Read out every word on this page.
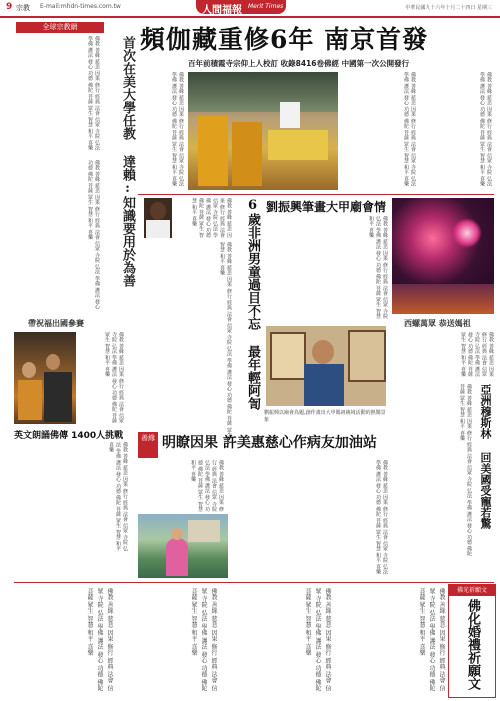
9 宗教 E-mail:mhdn-times.com.tw	人間福報 Merit Times	中華民國九十六年十月二十四日 星期三
全球宗教網
首次在美大學任教 達賴:知識要用於為善
佛教 善緣 慈悲 因果 修行 經典 法會 信眾 寺院 弘法 學佛 護法 發心 功德 佛陀 菩薩 眾生 智慧 和平 喜樂
佛教 善緣 慈悲 因果 修行 經典 法會 信眾 寺院 弘法 學佛 護法 發心 功德 佛陀 菩薩 眾生 智慧 和平 喜樂
帶祝福出國參賽
佛教 善緣 慈悲 因果 修行 經典 法會 信眾 寺院 弘法 學佛 護法 發心 功德 佛陀 菩薩 眾生 智慧 和平 喜樂
英文朗誦佛傳 1400人挑戰
佛教 善緣 慈悲 因果 修行 經典 法會 信眾 寺院 弘法 學佛 護法 發心 功德 佛陀 菩薩 眾生 智慧 和平 喜樂
頻伽藏重修6年 南京首發
百年前積霞寺宗仰上人校訂 收錄8416卷佛經 中國第一次公開發行
佛教 善緣 慈悲 因果 修行 經典 法會 信眾 寺院 弘法 學佛 護法 發心 功德 佛陀 菩薩 眾生 智慧 和平 喜樂	佛教 善緣 慈悲 因果 修行 經典 法會 信眾 寺院 弘法 學佛 護法 發心 功德 佛陀 菩薩 眾生 智慧 和平 喜樂	佛教 善緣 慈悲 因果 修行 經典 法會 信眾 寺院 弘法 學佛 護法 發心 功德 佛陀 菩薩 眾生 智慧 和平 喜樂
6歲非洲男童過目不忘 最年輕阿訇
佛教 善緣 慈悲 因果 修行 經典 法會 信眾 寺院 弘法 學佛 護法 發心 功德 佛陀 菩薩 眾生 智慧 和平 喜樂
佛教 善緣 慈悲 因果 修行 經典 法會 信眾 寺院 弘法 學佛 護法 發心 功德 佛陀 菩薩 眾生 智慧 和平 喜樂	劉振興筆畫大甲廟會情
佛教 善緣 慈悲 因果 修行 經典 法會 信眾 寺院 弘法 學佛 護法 發心 功德 佛陀 菩薩 眾生 智慧 和平 喜樂
劉振興以廟會為題,創作畫出大甲媽祖繞境活動的熱鬧景象
西螺萬眾 恭送媽祖
佛教 善緣 慈悲 因果 修行 經典 法會 信眾 寺院 弘法 學佛 護法 發心 功德 佛陀 菩薩 眾生 智慧 和平 喜樂
亞洲穆斯林 回美國受寵若驚
佛教 善緣 慈悲 因果 修行 經典 法會 信眾 寺院 弘法 學佛 護法 發心 功德 佛陀 菩薩 眾生 智慧 和平 喜樂
善緣 明瞭因果 許美惠慈心作病友加油站
佛教 善緣 慈悲 因果 修行 經典 法會 信眾 寺院 弘法 學佛 護法 發心 功德 佛陀 菩薩 眾生 智慧 和平 喜樂	佛教 善緣 慈悲 因果 修行 經典 法會 信眾 寺院 弘法 學佛 護法 發心 功德 佛陀 菩薩 眾生 智慧 和平 喜樂
佛教 善緣 慈悲 因果 修行 經典 法會 信眾 寺院 弘法 學佛 護法 發心 功德 佛陀 菩薩 眾生 智慧 和平 喜樂	佛教 善緣 慈悲 因果 修行 經典 法會 信眾 寺院 弘法 學佛 護法 發心 功德 佛陀 菩薩 眾生 智慧 和平 喜樂	佛教 善緣 慈悲 因果 修行 經典 法會 信眾 寺院 弘法 學佛 護法 發心 功德 佛陀 菩薩 眾生 智慧 和平 喜樂	佛教 善緣 慈悲 因果 修行 經典 法會 信眾 寺院 弘法 學佛 護法 發心 功德 佛陀 菩薩 眾生 智慧 和平 喜樂	佛光祈願文
佛化婚禮祈願文
